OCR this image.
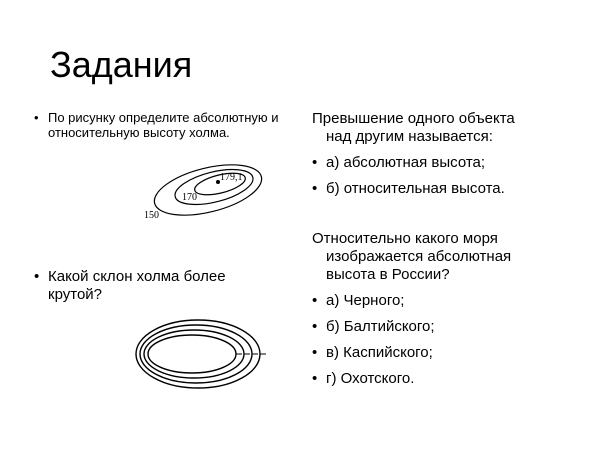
Задания
• По рисунку определите абсолютную и относительную высоту холма.
179,1
170
150
• Какой склон холма более крутой?
Превышение одного объекта
над другим называется:
• а) абсолютная высота;
• б) относительная высота.
Относительно какого моря
изображается абсолютная
высота в России?
• а) Черного;
• б) Балтийского;
• в) Каспийского;
• г) Охотского.
